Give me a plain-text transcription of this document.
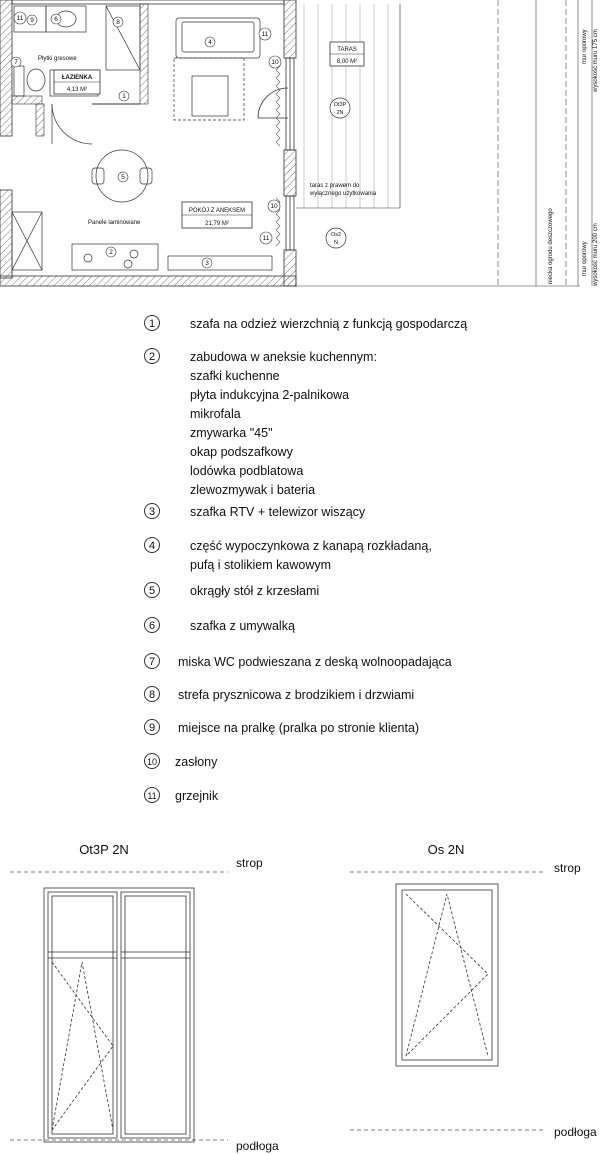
Płytki gresowe
ŁAZIENKA
4,13 M²
Panele laminowane
POKÓJ Z ANEKSEM
21,79 M²
TARAS
8,00 M²
taras z prawem do
wyłącznego użytkowania
Ot3P
2N
Os2
N	niecka ogrodu deszczowego
mur oporowy wysokość muru 175 cm
mur oporowy wysokość muru 200 cm
11 9	6	8
7
4
11
10
1
5
10
2
3
11
1	szafa na odzież wierzchnią z funkcją gospodarczą
2	zabudowa w aneksie kuchennym:
szafki kuchenne
płyta indukcyjna 2-palnikowa
mikrofala
zmywarka "45"
okap podszafkowy
lodówka podblatowa
zlewozmywak i bateria
3	szafka RTV + telewizor wiszący
4	część wypoczynkowa z kanapą rozkładaną,
pufą i stolikiem kawowym
5	okrągły stół z krzesłami
6	szafka z umywalką
7	miska WC podwieszana z deską wolnoopadająca
8	strefa prysznicowa z brodzikiem i drzwiami
9	miejsce na pralkę (pralka po stronie klienta)
10 zasłony
11 grzejnik
Ot3P 2N
strop
podłoga
Os 2N
strop
podłoga
